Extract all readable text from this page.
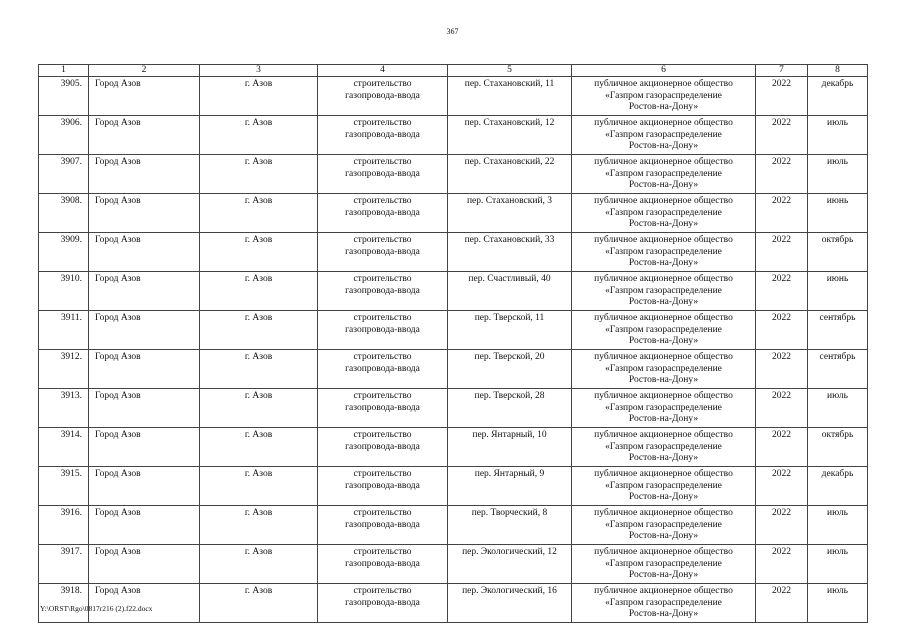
367
1	2	3	4	5	6	7	8
3905.	Город Азов	г. Азов	строительство
газопровода-ввода	пер. Стахановский, 11	публичное акционерное общество
«Газпром газораспределение
Ростов-на-Дону»	2022	декабрь
3906.	Город Азов	г. Азов	строительство
газопровода-ввода	пер. Стахановский, 12	публичное акционерное общество
«Газпром газораспределение
Ростов-на-Дону»	2022	июль
3907.	Город Азов	г. Азов	строительство
газопровода-ввода	пер. Стахановский, 22	публичное акционерное общество
«Газпром газораспределение
Ростов-на-Дону»	2022	июль
3908.	Город Азов	г. Азов	строительство
газопровода-ввода	пер. Стахановский, 3	публичное акционерное общество
«Газпром газораспределение
Ростов-на-Дону»	2022	июнь
3909.	Город Азов	г. Азов	строительство
газопровода-ввода	пер. Стахановский, 33	публичное акционерное общество
«Газпром газораспределение
Ростов-на-Дону»	2022	октябрь
3910.	Город Азов	г. Азов	строительство
газопровода-ввода	пер. Счастливый, 40	публичное акционерное общество
«Газпром газораспределение
Ростов-на-Дону»	2022	июнь
3911.	Город Азов	г. Азов	строительство
газопровода-ввода	пер. Тверской, 11	публичное акционерное общество
«Газпром газораспределение
Ростов-на-Дону»	2022	сентябрь
3912.	Город Азов	г. Азов	строительство
газопровода-ввода	пер. Тверской, 20	публичное акционерное общество
«Газпром газораспределение
Ростов-на-Дону»	2022	сентябрь
3913.	Город Азов	г. Азов	строительство
газопровода-ввода	пер. Тверской, 28	публичное акционерное общество
«Газпром газораспределение
Ростов-на-Дону»	2022	июль
3914.	Город Азов	г. Азов	строительство
газопровода-ввода	пер. Янтарный, 10	публичное акционерное общество
«Газпром газораспределение
Ростов-на-Дону»	2022	октябрь
3915.	Город Азов	г. Азов	строительство
газопровода-ввода	пер. Янтарный, 9	публичное акционерное общество
«Газпром газораспределение
Ростов-на-Дону»	2022	декабрь
3916.	Город Азов	г. Азов	строительство
газопровода-ввода	пер. Творческий, 8	публичное акционерное общество
«Газпром газораспределение
Ростов-на-Дону»	2022	июль
3917.	Город Азов	г. Азов	строительство
газопровода-ввода	пер. Экологический, 12	публичное акционерное общество
«Газпром газораспределение
Ростов-на-Дону»	2022	июль
3918.	Город Азов	г. Азов	строительство
газопровода-ввода	пер. Экологический, 16	публичное акционерное общество
«Газпром газораспределение
Ростов-на-Дону»	2022	июль
Y:\ORST\Rgo\0817r216 (2).f22.docx
